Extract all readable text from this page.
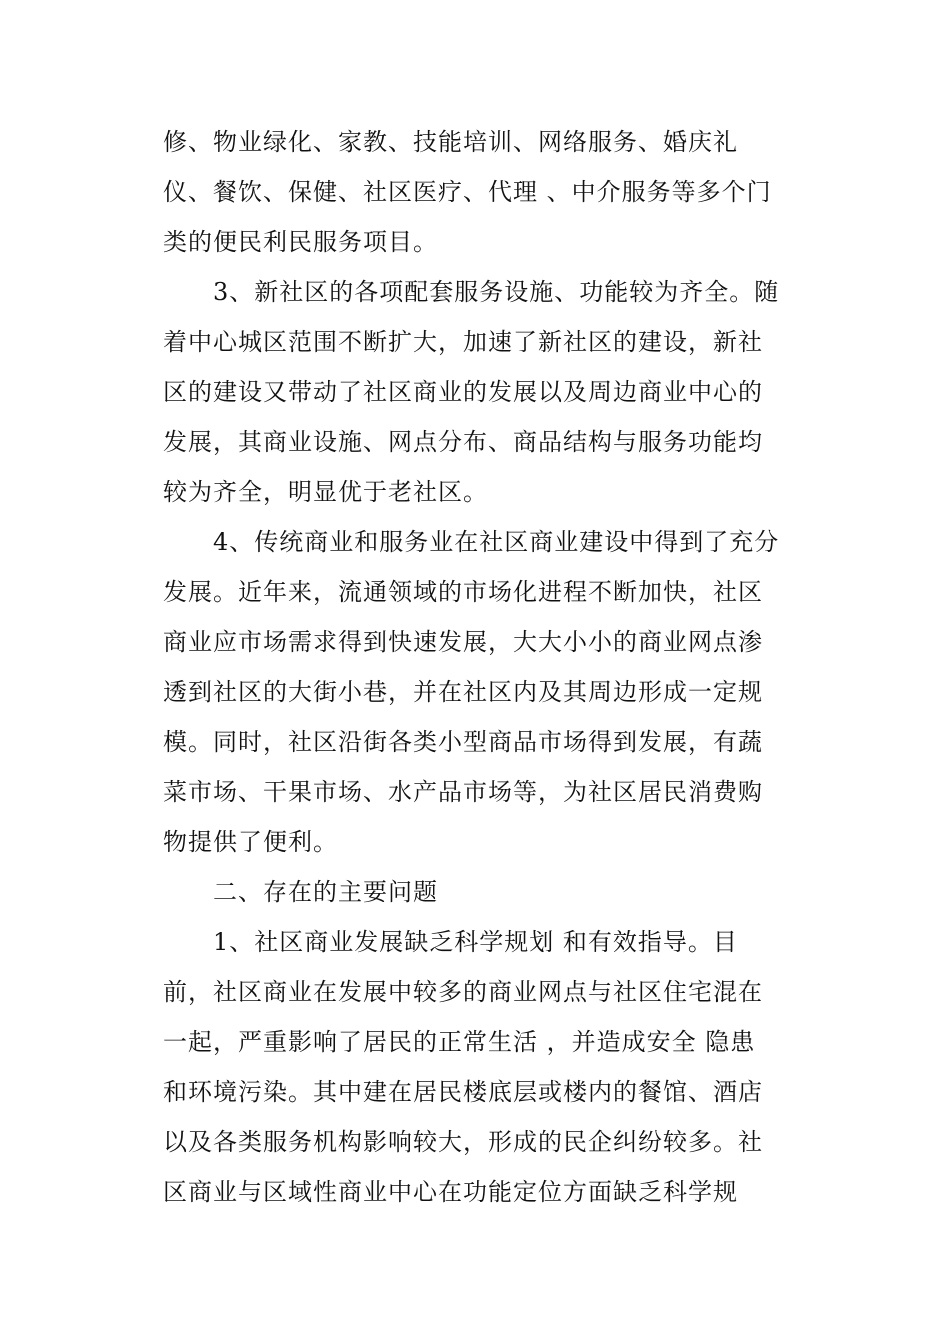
修、物业绿化、家教、技能培训、网络服务、婚庆礼

仪、餐饮、保健、社区医疗、代理 、中介服务等多个门

类的便民利民服务项目。

3、新社区的各项配套服务设施、功能较为齐全。随

着中心城区范围不断扩大，加速了新社区的建设，新社

区的建设又带动了社区商业的发展以及周边商业中心的

发展，其商业设施、网点分布、商品结构与服务功能均

较为齐全，明显优于老社区。

4、传统商业和服务业在社区商业建设中得到了充分

发展。近年来，流通领域的市场化进程不断加快，社区

商业应市场需求得到快速发展，大大小小的商业网点渗

透到社区的大街小巷，并在社区内及其周边形成一定规

模。同时，社区沿街各类小型商品市场得到发展，有蔬

菜市场、干果市场、水产品市场等，为社区居民消费购

物提供了便利。

二、存在的主要问题

1、社区商业发展缺乏科学规划 和有效指导。目

前，社区商业在发展中较多的商业网点与社区住宅混在

一起，严重影响了居民的正常生活 ，并造成安全 隐患

和环境污染。其中建在居民楼底层或楼内的餐馆、酒店

以及各类服务机构影响较大，形成的民企纠纷较多。社

区商业与区域性商业中心在功能定位方面缺乏科学规
